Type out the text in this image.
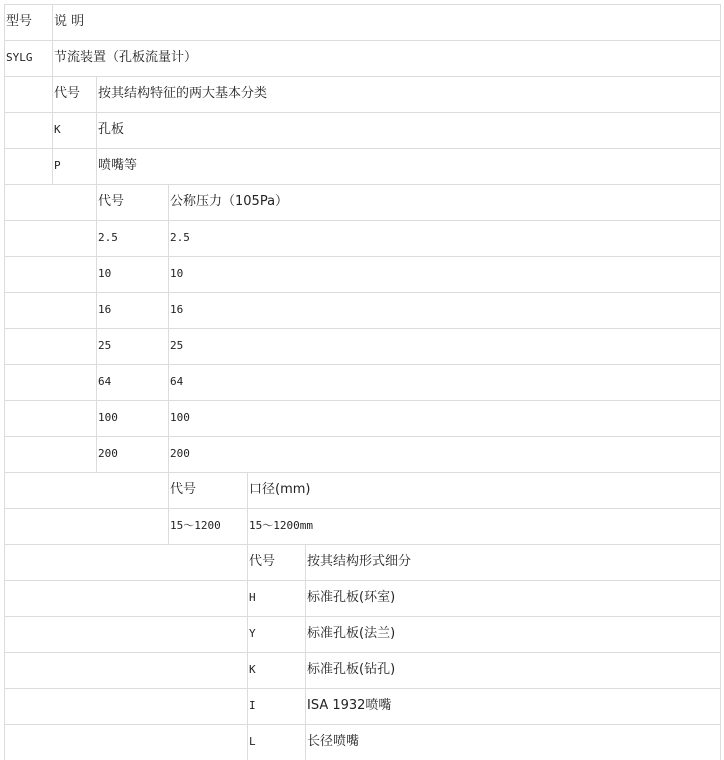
型号 说 明
SYLG 节流装置（孔板流量计）
代号 按其结构特征的两大基本分类
K	孔板
P	喷嘴等
代号	公称压力（105Pa）
2.5	2.5
10	10
16	16
25	25
64	64
100	100
200	200
代号	口径(mm)
15～1200	15～1200mm
代号 按其结构形式细分
H	标准孔板(环室)
Y	标准孔板(法兰)
K	标准孔板(钻孔)
I	ISA 1932喷嘴
L	长径喷嘴
